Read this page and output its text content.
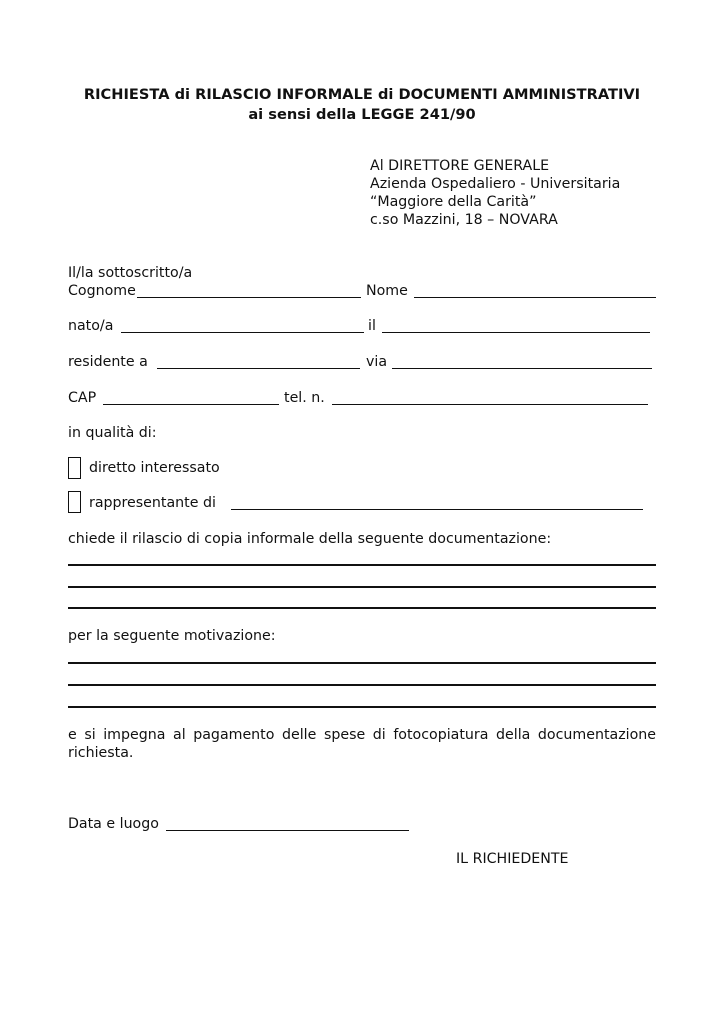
RICHIESTA di RILASCIO INFORMALE di DOCUMENTI AMMINISTRATIVI
ai sensi della LEGGE 241/90
Al DIRETTORE GENERALE
Azienda Ospedaliero - Universitaria
“Maggiore della Carità”
c.so Mazzini, 18 – NOVARA
Il/la sottoscritto/a
Cognome	Nome
nato/a	il
residente a	via
CAP	tel. n.
in qualità di:
diretto interessato
rappresentante di
chiede il rilascio di copia informale della seguente documentazione:
per la seguente motivazione:
e si impegna al pagamento delle spese di fotocopiatura della documentazione
richiesta.
Data e luogo
IL RICHIEDENTE
